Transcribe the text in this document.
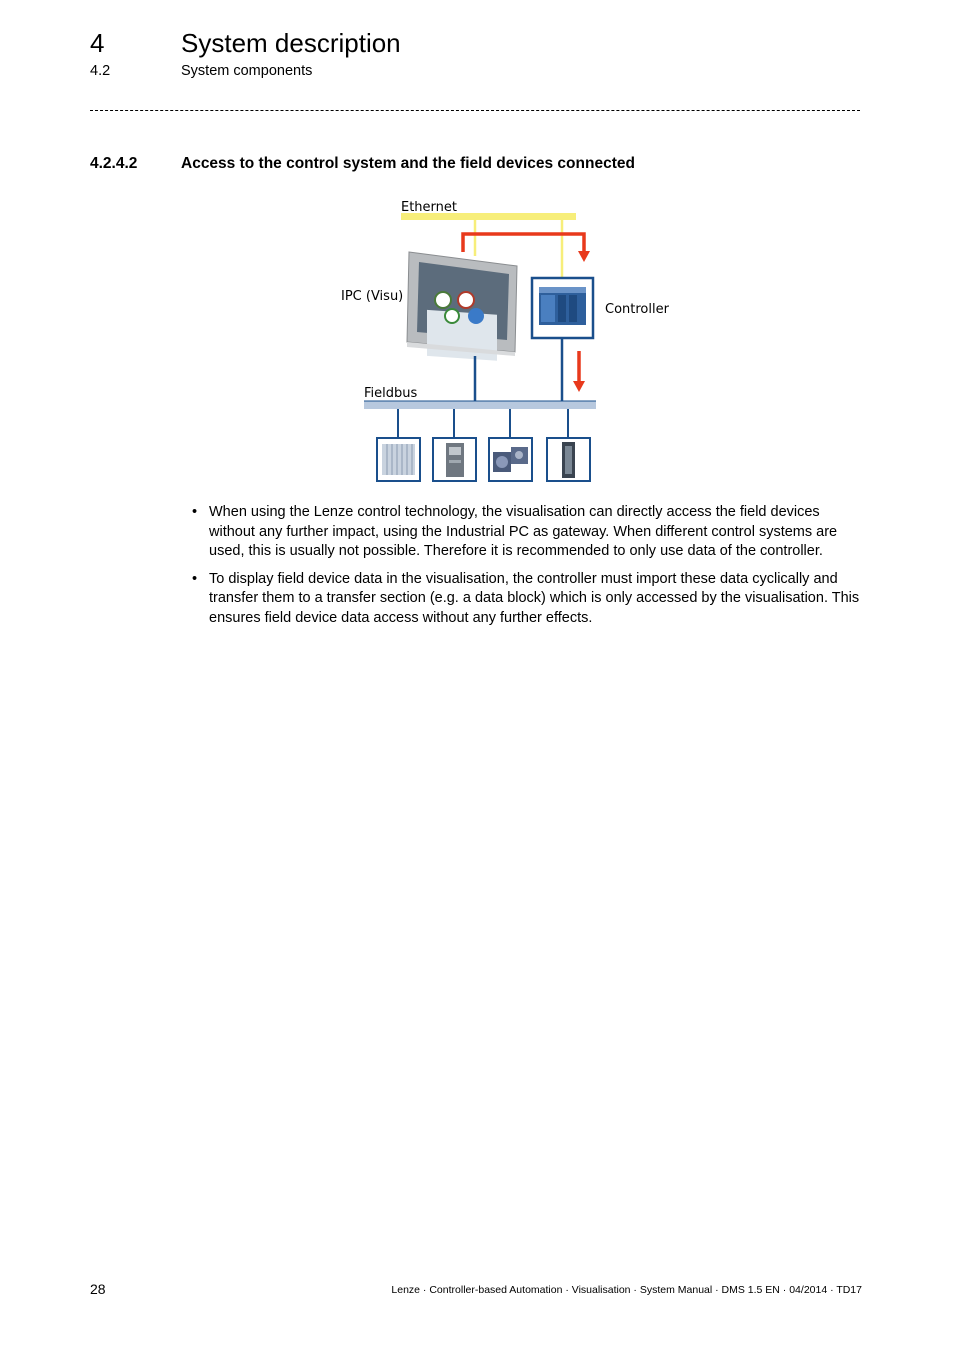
4	System description
4.2	System components
4.2.4.2	Access to the control system and the field devices connected
Ethernet
IPC (Visu)
Controller
Fieldbus
• When using the Lenze control technology, the visualisation can directly access the field devices without any further impact, using the Industrial PC as gateway. When different control systems are used, this is usually not possible. Therefore it is recommended to only use data of the controller.
• To display field device data in the visualisation, the controller must import these data cyclically and transfer them to a transfer section (e.g. a data block) which is only accessed by the visualisation. This ensures field device data access without any further effects.
28	Lenze · Controller-based Automation · Visualisation · System Manual · DMS 1.5 EN · 04/2014 · TD17
